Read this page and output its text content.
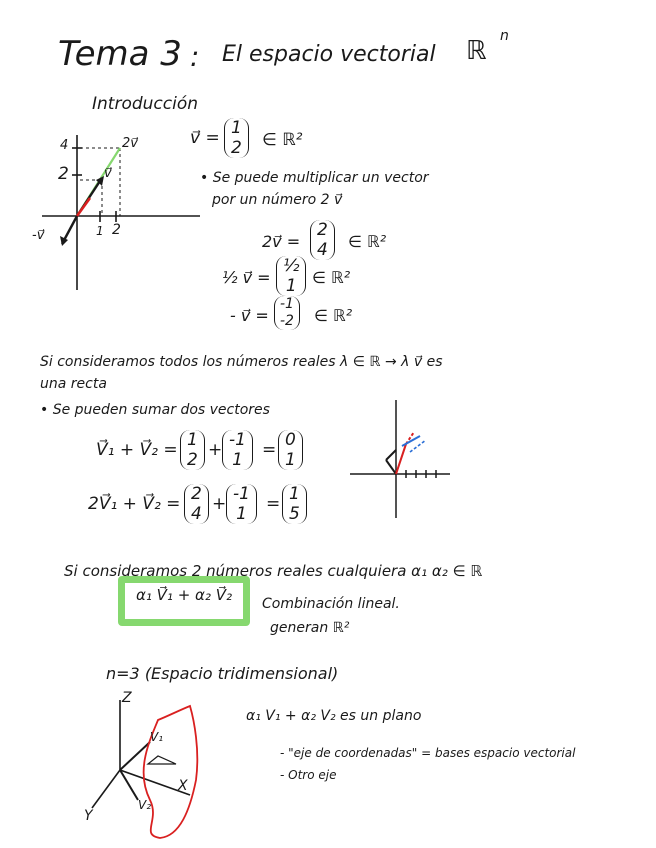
Tema 3 : El espacio vectorial ℝ n
Introducción
4
2
1 2
v⃗
2v⃗
-v⃗
v⃗ = 1
2 ∈ ℝ²
• Se puede multiplicar un vector
por un número 2 v⃗
2v⃗ =
2
4 ∈ ℝ²
½ v⃗ =
½
1 ∈ ℝ²
- v⃗ =
-1
-2 ∈ ℝ²
Si consideramos todos los números reales λ ∈ ℝ → λ v⃗ es
una recta
• Se pueden sumar dos vectores
V⃗₁ + V⃗₂ = 1
2 + -1
1 = 0
1
2V⃗₁ + V⃗₂ = 2
4 + -1
1 = 1
5
Si consideramos 2 números reales cualquiera α₁ α₂ ∈ ℝ
α₁ V⃗₁ + α₂ V⃗₂ Combinación lineal.
generan ℝ²
n=3 (Espacio tridimensional)
α₁ V₁ + α₂ V₂ es un plano
- "eje de coordenadas" = bases espacio vectorial
- Otro eje
Z
X
Y
V₁
V₂
